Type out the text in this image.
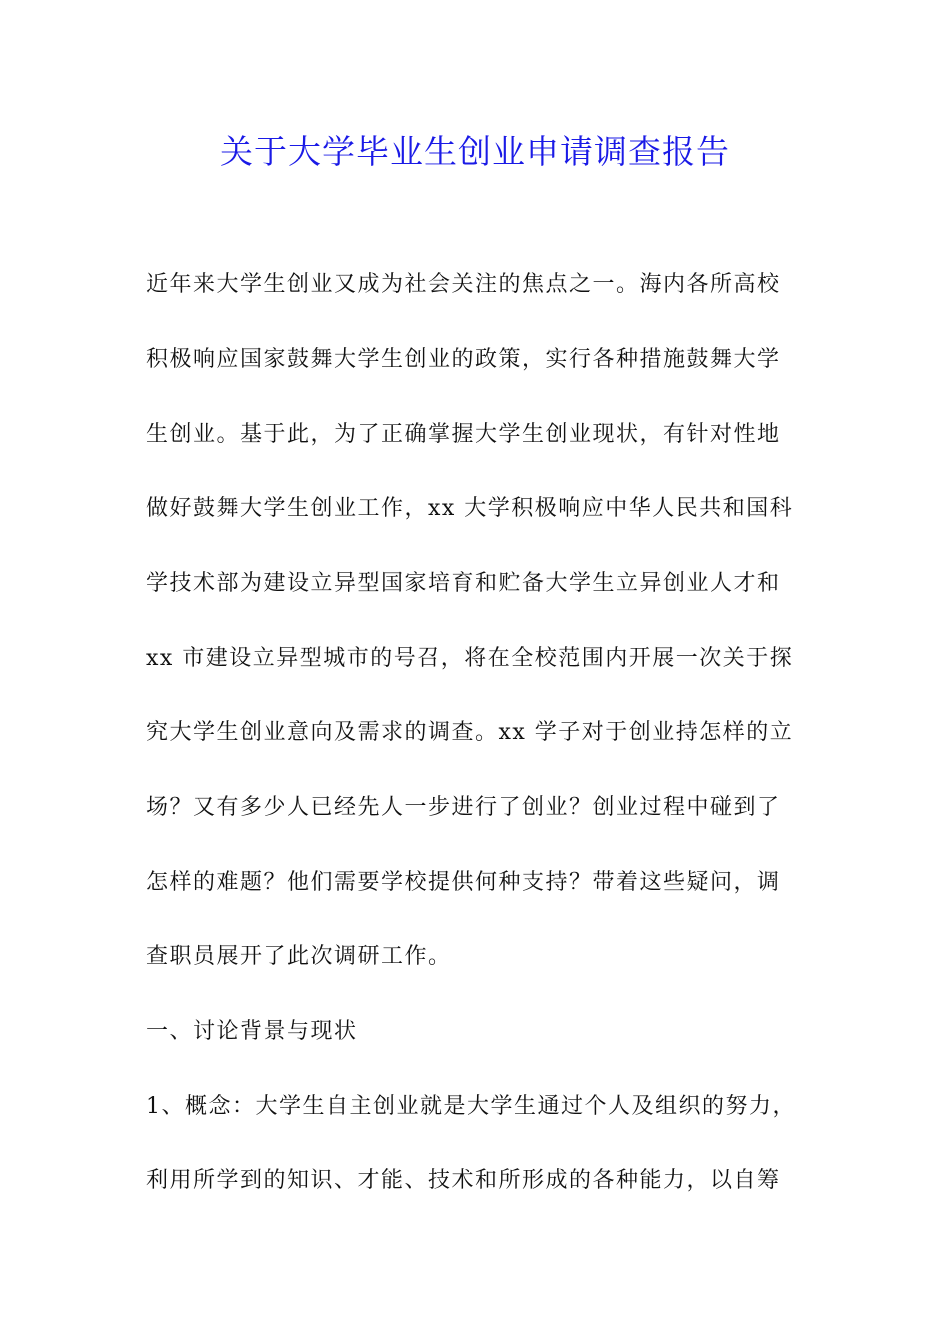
关于大学毕业生创业申请调查报告
近年来大学生创业又成为社会关注的焦点之一。海内各所高校
积极响应国家鼓舞大学生创业的政策，实行各种措施鼓舞大学
生创业。基于此，为了正确掌握大学生创业现状，有针对性地
做好鼓舞大学生创业工作，xx 大学积极响应中华人民共和国科
学技术部为建设立异型国家培育和贮备大学生立异创业人才和
xx 市建设立异型城市的号召，将在全校范围内开展一次关于探
究大学生创业意向及需求的调查。xx 学子对于创业持怎样的立
场？又有多少人已经先人一步进行了创业？创业过程中碰到了
怎样的难题？他们需要学校提供何种支持？带着这些疑问，调
查职员展开了此次调研工作。
一、讨论背景与现状
1、概念：大学生自主创业就是大学生通过个人及组织的努力，
利用所学到的知识、才能、技术和所形成的各种能力，以自筹
